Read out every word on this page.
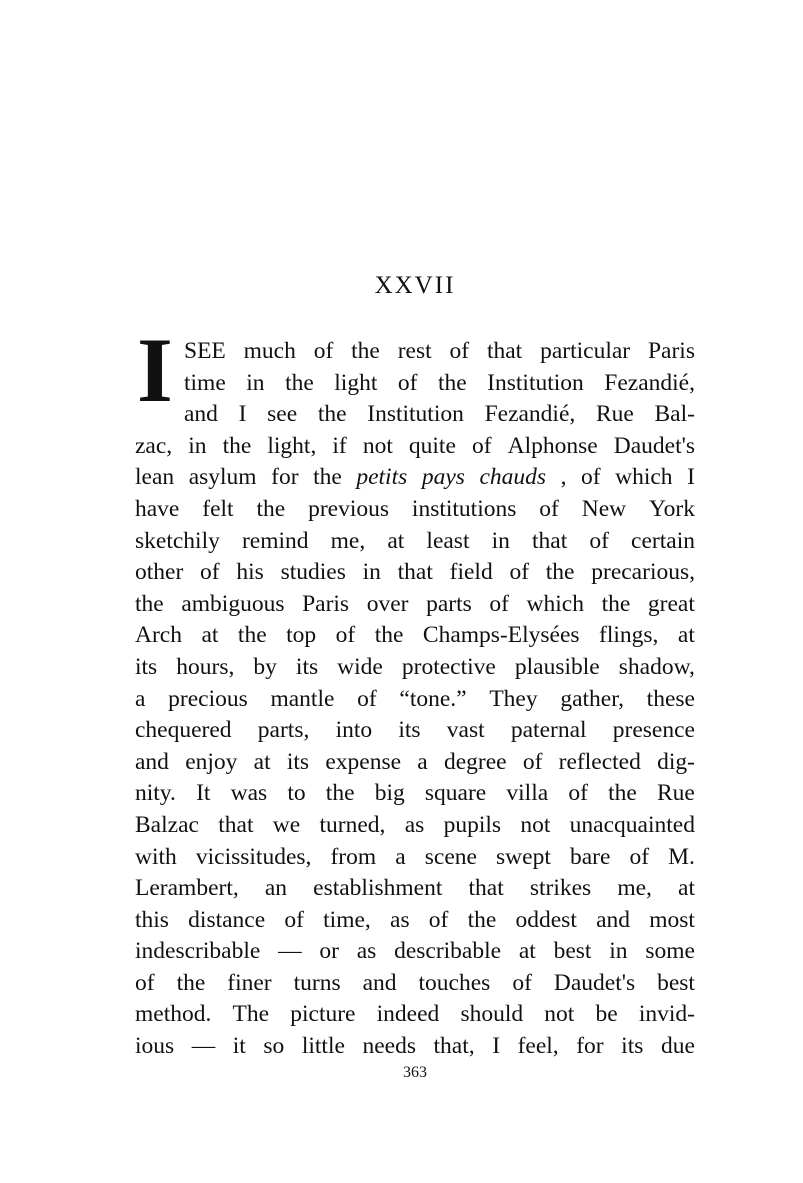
XXVII
I SEE much of the rest of that particular Paris
time in the light of the Institution Fezandié,
and I see the Institution Fezandié, Rue Bal-
zac, in the light, if not quite of Alphonse Daudet's
lean asylum for the petits pays chauds , of which I
have felt the previous institutions of New York
sketchily remind me, at least in that of certain
other of his studies in that field of the precarious,
the ambiguous Paris over parts of which the great
Arch at the top of the Champs-Elysées flings, at
its hours, by its wide protective plausible shadow,
a precious mantle of “tone.” They gather, these
chequered parts, into its vast paternal presence
and enjoy at its expense a degree of reflected dig-
nity. It was to the big square villa of the Rue
Balzac that we turned, as pupils not unacquainted
with vicissitudes, from a scene swept bare of M.
Lerambert, an establishment that strikes me, at
this distance of time, as of the oddest and most
indescribable — or as describable at best in some
of the finer turns and touches of Daudet's best
method. The picture indeed should not be invid-
ious — it so little needs that, I feel, for its due
363
